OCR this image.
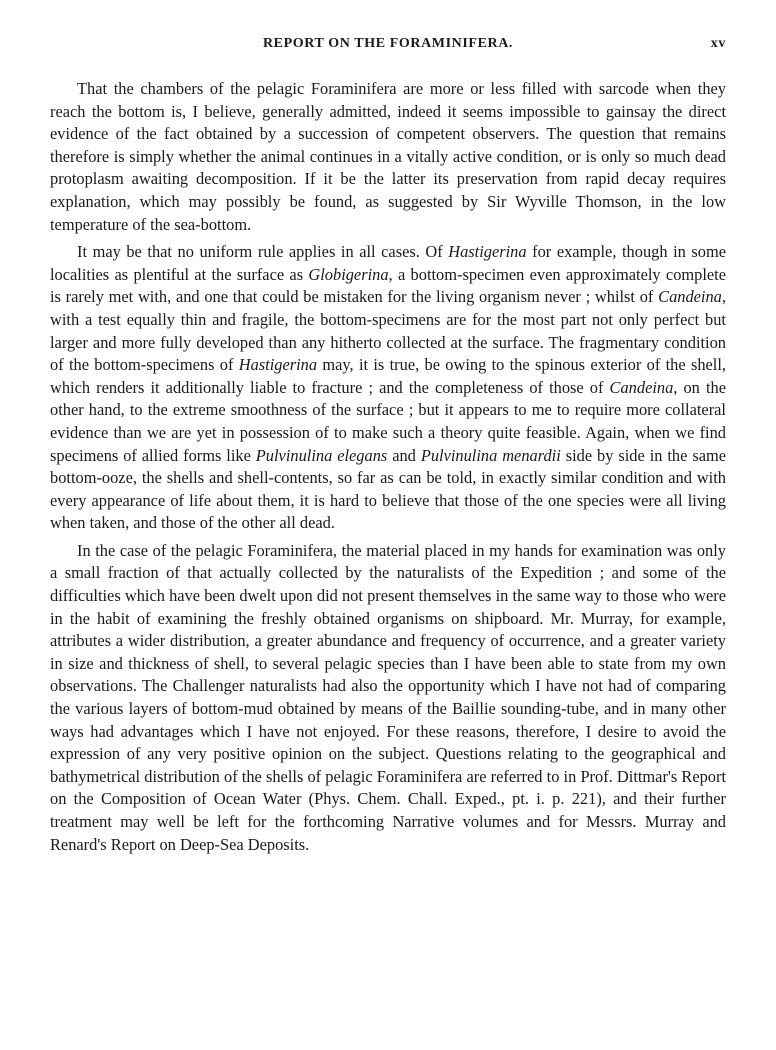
REPORT ON THE FORAMINIFERA.	xv

That the chambers of the pelagic Foraminifera are more or less filled with sarcode when they reach the bottom is, I believe, generally admitted, indeed it seems impossible to gainsay the direct evidence of the fact obtained by a succession of competent observers. The question that remains therefore is simply whether the animal continues in a vitally active condition, or is only so much dead protoplasm awaiting decomposition. If it be the latter its preservation from rapid decay requires explanation, which may possibly be found, as suggested by Sir Wyville Thomson, in the low temperature of the sea-bottom.

It may be that no uniform rule applies in all cases. Of Hastigerina for example, though in some localities as plentiful at the surface as Globigerina, a bottom-specimen even approximately complete is rarely met with, and one that could be mistaken for the living organism never ; whilst of Candeina, with a test equally thin and fragile, the bottom-specimens are for the most part not only perfect but larger and more fully developed than any hitherto collected at the surface. The fragmentary condition of the bottom-specimens of Hastigerina may, it is true, be owing to the spinous exterior of the shell, which renders it additionally liable to fracture ; and the completeness of those of Candeina, on the other hand, to the extreme smoothness of the surface ; but it appears to me to require more collateral evidence than we are yet in possession of to make such a theory quite feasible. Again, when we find specimens of allied forms like Pulvinulina elegans and Pulvinulina menardii side by side in the same bottom-ooze, the shells and shell-contents, so far as can be told, in exactly similar condition and with every appearance of life about them, it is hard to believe that those of the one species were all living when taken, and those of the other all dead.

In the case of the pelagic Foraminifera, the material placed in my hands for examination was only a small fraction of that actually collected by the naturalists of the Expedition ; and some of the difficulties which have been dwelt upon did not present themselves in the same way to those who were in the habit of examining the freshly obtained organisms on shipboard. Mr. Murray, for example, attributes a wider distribution, a greater abundance and frequency of occurrence, and a greater variety in size and thickness of shell, to several pelagic species than I have been able to state from my own observations. The Challenger naturalists had also the opportunity which I have not had of comparing the various layers of bottom-mud obtained by means of the Baillie sounding-tube, and in many other ways had advantages which I have not enjoyed. For these reasons, therefore, I desire to avoid the expression of any very positive opinion on the subject. Questions relating to the geographical and bathymetrical distribution of the shells of pelagic Foraminifera are referred to in Prof. Dittmar's Report on the Composition of Ocean Water (Phys. Chem. Chall. Exped., pt. i. p. 221), and their further treatment may well be left for the forthcoming Narrative volumes and for Messrs. Murray and Renard's Report on Deep-Sea Deposits.
